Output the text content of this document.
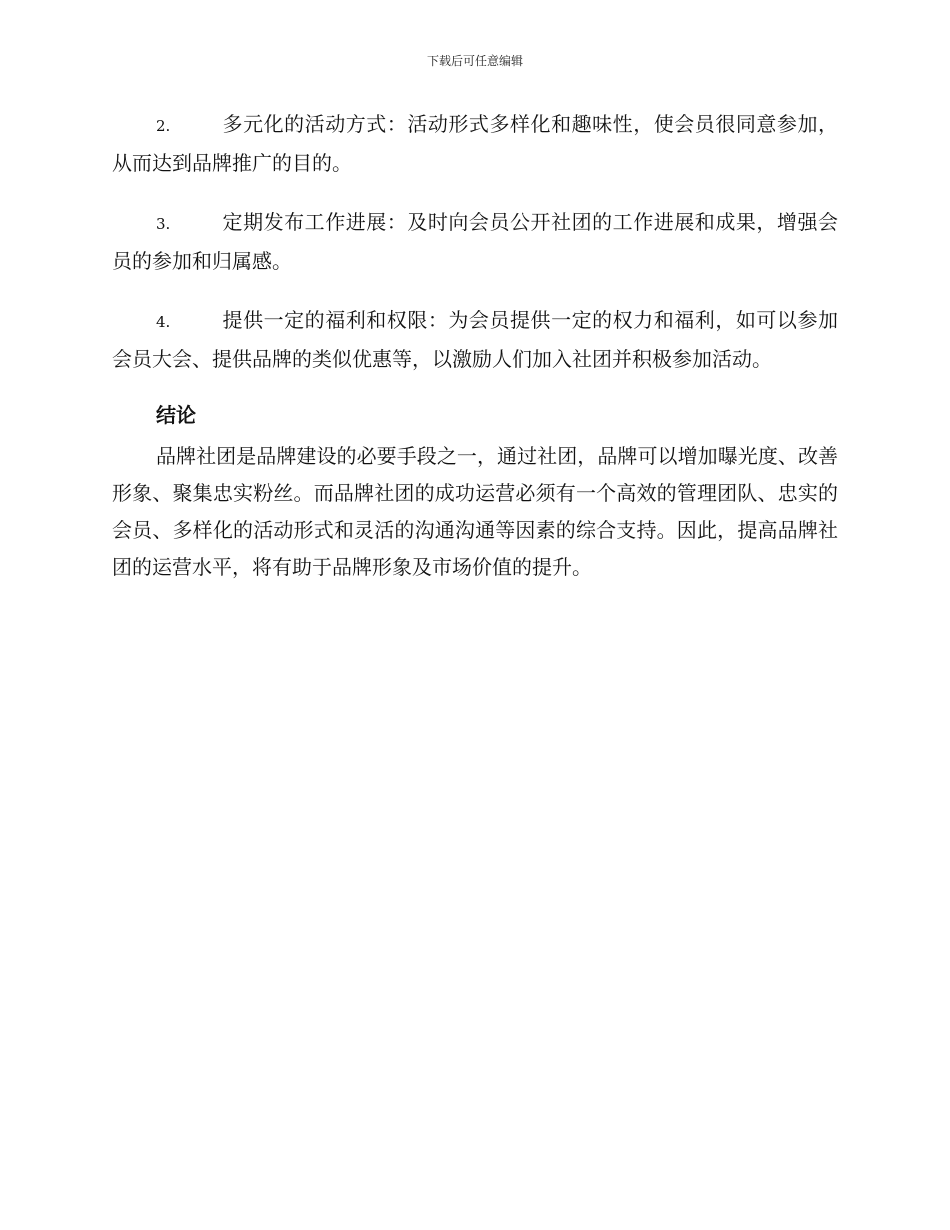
下载后可任意编辑

2.	多元化的活动方式：活动形式多样化和趣味性，使会员很同意参加，从而达到品牌推广的目的。

3.	定期发布工作进展：及时向会员公开社团的工作进展和成果，增强会员的参加和归属感。

4.	提供一定的福利和权限：为会员提供一定的权力和福利，如可以参加会员大会、提供品牌的类似优惠等，以激励人们加入社团并积极参加活动。

结论

品牌社团是品牌建设的必要手段之一，通过社团，品牌可以增加曝光度、改善形象、聚集忠实粉丝。而品牌社团的成功运营必须有一个高效的管理团队、忠实的会员、多样化的活动形式和灵活的沟通沟通等因素的综合支持。因此，提高品牌社团的运营水平，将有助于品牌形象及市场价值的提升。
